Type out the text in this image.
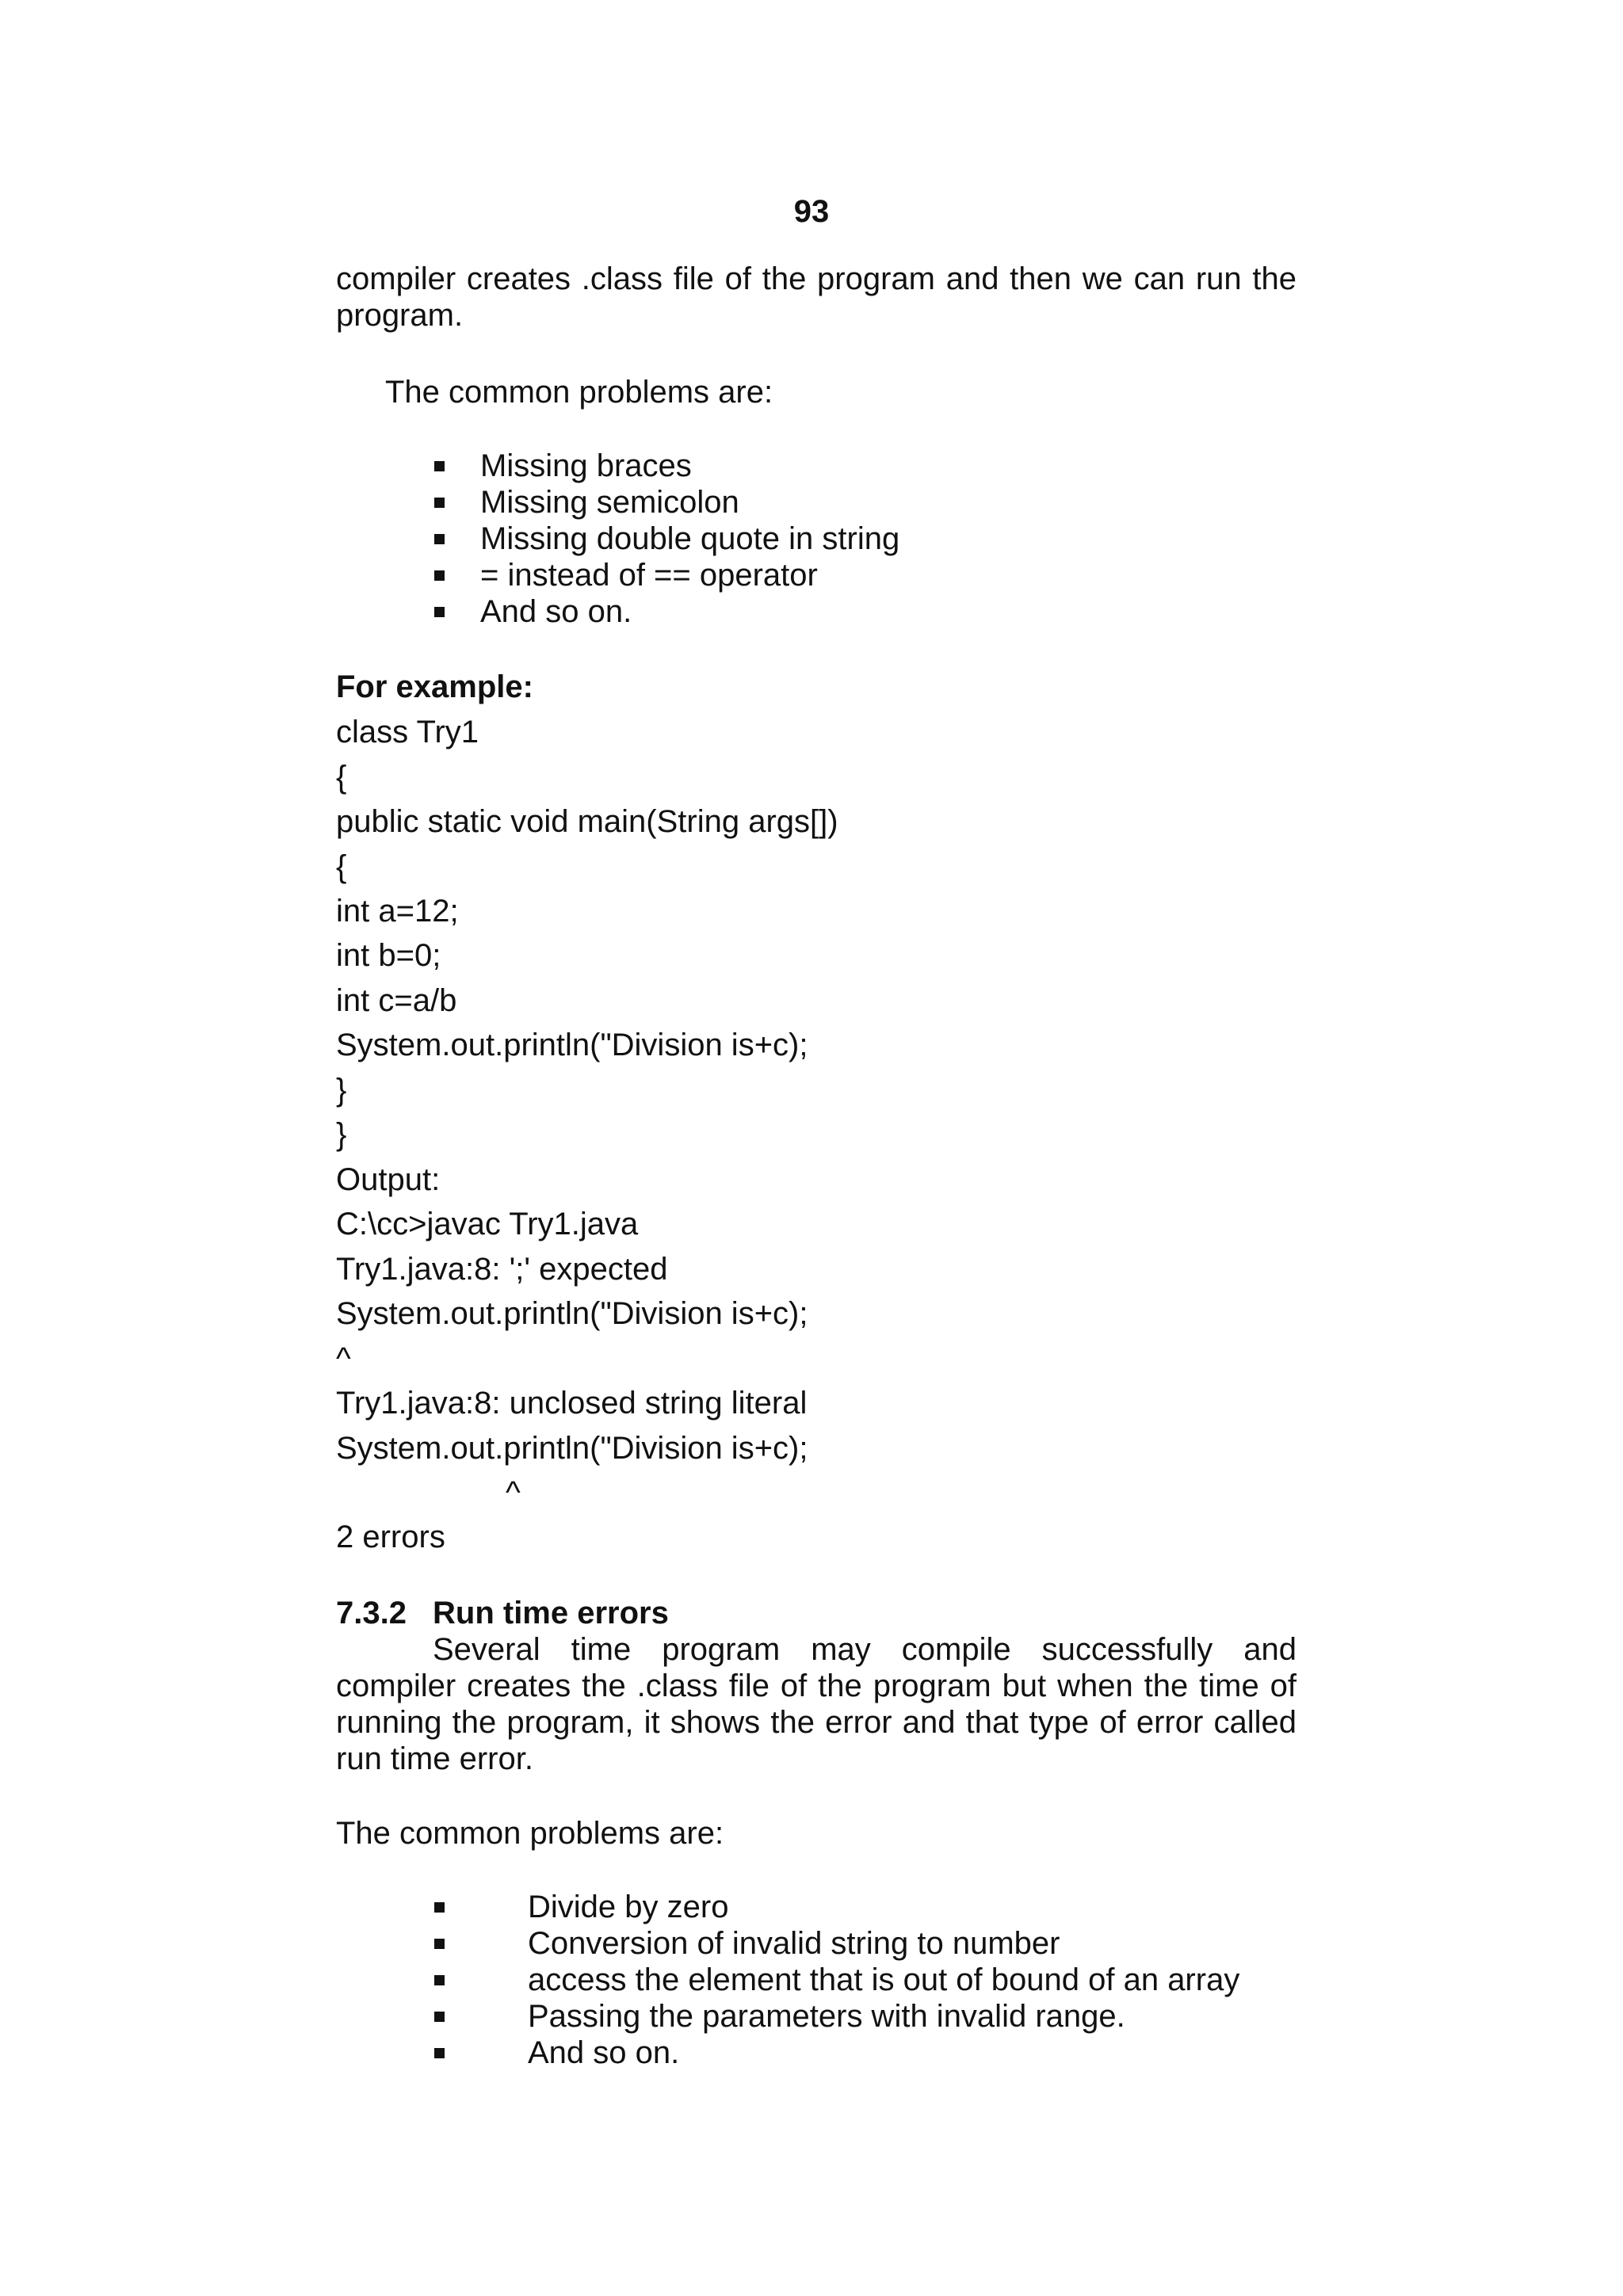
93
compiler creates .class file of the program and then we can run the
program.
The common problems are:
Missing braces
Missing semicolon
Missing double quote in string
= instead of == operator
And so on.
For example:
class Try1
{
public static void main(String args[])
{
int a=12;
int b=0;
int c=a/b
System.out.println("Division is+c);
}
}
Output:
C:\cc>javac Try1.java
Try1.java:8: ';' expected
System.out.println("Division is+c);
^
Try1.java:8: unclosed string literal
System.out.println("Division is+c);
^
2 errors
7.3.2 Run time errors
Several time program may compile successfully and

compiler creates the .class file of the program but when the time of running the program, it shows the error and that type of error called run time error.

The common problems are:
Divide by zero
Conversion of invalid string to number
access the element that is out of bound of an array
Passing the parameters with invalid range.
And so on.
